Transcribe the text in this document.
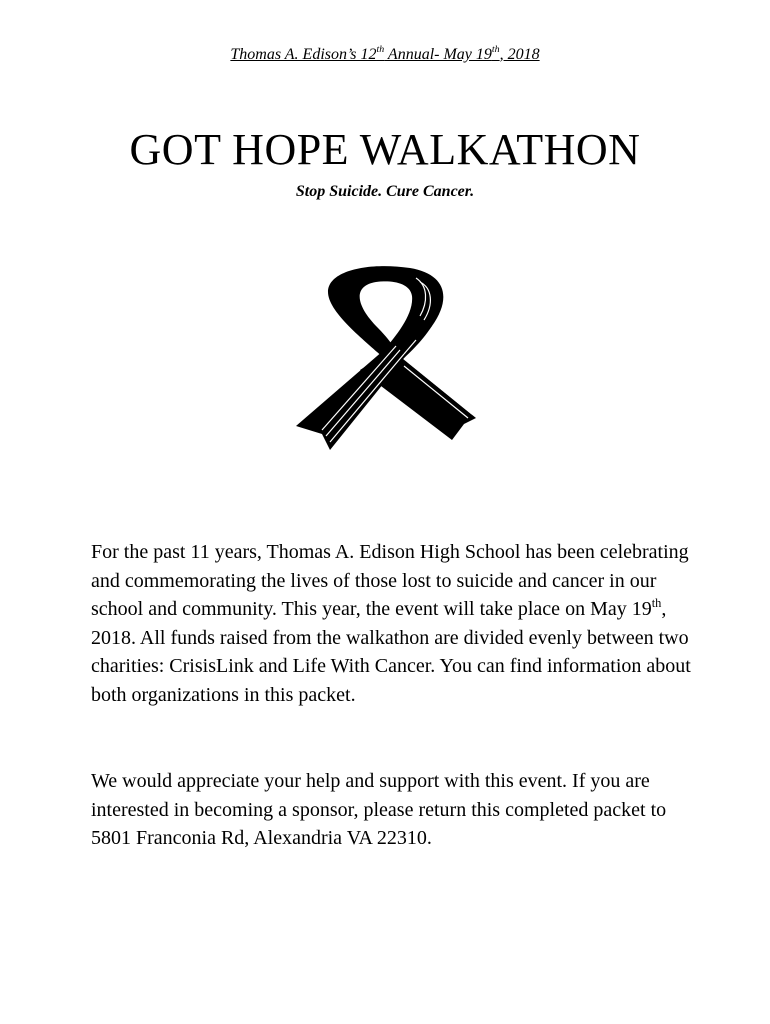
Thomas A. Edison’s 12th Annual- May 19th, 2018
GOT HOPE WALKATHON
Stop Suicide. Cure Cancer.

For the past 11 years, Thomas A. Edison High School has been celebrating and commemorating the lives of those lost to suicide and cancer in our school and community. This year, the event will take place on May 19th, 2018. All funds raised from the walkathon are divided evenly between two charities: CrisisLink and Life With Cancer. You can find information about both organizations in this packet.

We would appreciate your help and support with this event. If you are interested in becoming a sponsor, please return this completed packet to 5801 Franconia Rd, Alexandria VA 22310.
